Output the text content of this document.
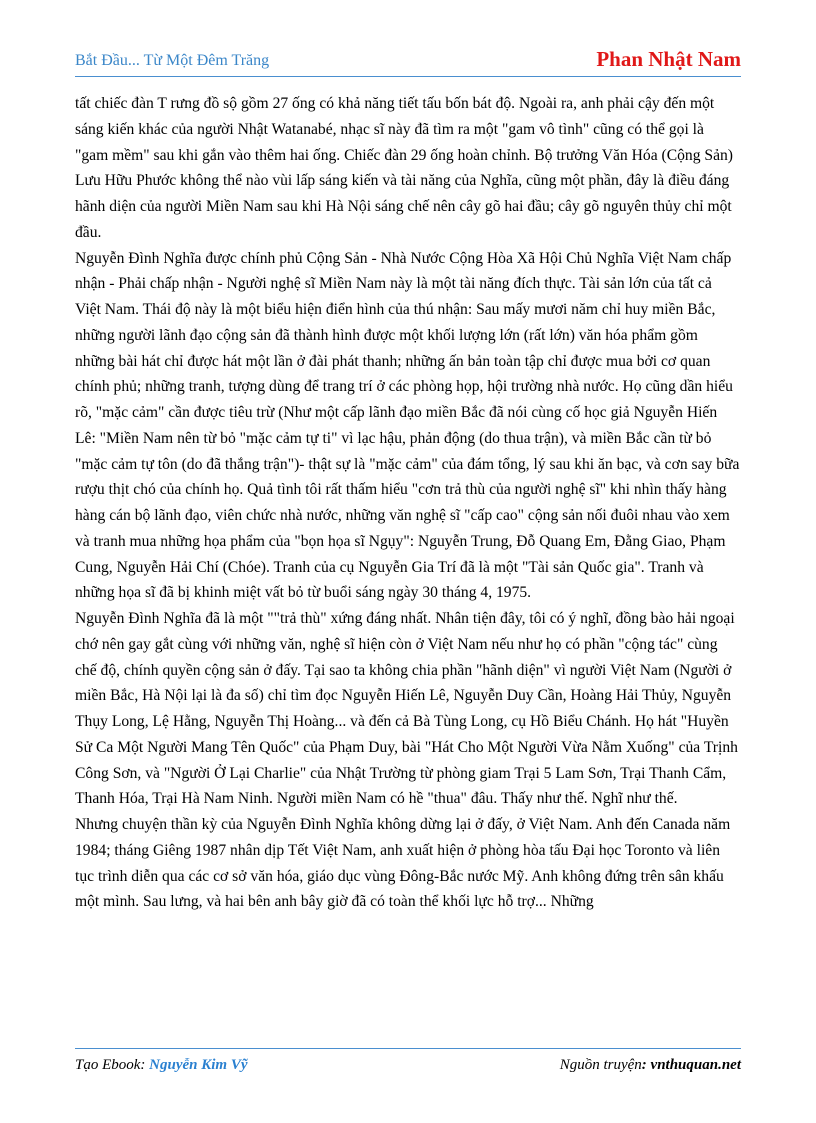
Bắt Đầu... Từ Một Đêm Trăng	Phan Nhật Nam

tất chiếc đàn T rưng đồ sộ gồm 27 ống có khả năng tiết tấu bốn bát độ. Ngoài ra, anh phải cậy đến một sáng kiến khác của người Nhật Watanabé, nhạc sĩ này đã tìm ra một "gam vô tình" cũng có thể gọi là "gam mềm" sau khi gắn vào thêm hai ống. Chiếc đàn 29 ống hoàn chỉnh. Bộ trưởng Văn Hóa (Cộng Sản) Lưu Hữu Phước không thể nào vùi lấp sáng kiến và tài năng của Nghĩa, cũng một phần, đây là điều đáng hãnh diện của người Miền Nam sau khi Hà Nội sáng chế nên cây gõ hai đầu; cây gõ nguyên thủy chỉ một đầu.

Nguyễn Đình Nghĩa được chính phủ Cộng Sản - Nhà Nước Cộng Hòa Xã Hội Chủ Nghĩa Việt Nam chấp nhận - Phải chấp nhận - Người nghệ sĩ Miền Nam này là một tài năng đích thực. Tài sản lớn của tất cả Việt Nam. Thái độ này là một biểu hiện điển hình của thú nhận: Sau mấy mươi năm chỉ huy miền Bắc, những người lãnh đạo cộng sản đã thành hình được một khối lượng lớn (rất lớn) văn hóa phẩm gồm những bài hát chỉ được hát một lần ở đài phát thanh; những ấn bản toàn tập chỉ được mua bởi cơ quan chính phủ; những tranh, tượng dùng để trang trí ở các phòng họp, hội trường nhà nước. Họ cũng dần hiểu rõ, "mặc cảm" cần được tiêu trừ (Như một cấp lãnh đạo miền Bắc đã nói cùng cố học giả Nguyễn Hiến Lê: "Miền Nam nên từ bỏ "mặc cảm tự ti" vì lạc hậu, phản động (do thua trận), và miền Bắc cần từ bỏ "mặc cảm tự tôn (do đã thắng trận")- thật sự là "mặc cảm" của đám tổng, lý sau khi ăn bạc, và cơn say bữa rượu thịt chó của chính họ. Quả tình tôi rất thấm hiểu "cơn trả thù của người nghệ sĩ" khi nhìn thấy hàng hàng cán bộ lãnh đạo, viên chức nhà nước, những văn nghệ sĩ "cấp cao" cộng sản nối đuôi nhau vào xem và tranh mua những họa phẩm của "bọn họa sĩ Ngụy": Nguyễn Trung, Đỗ Quang Em, Đằng Giao, Phạm Cung, Nguyễn Hải Chí (Chóe). Tranh của cụ Nguyễn Gia Trí đã là một "Tài sản Quốc gia". Tranh và những họa sĩ đã bị khinh miệt vất bỏ từ buổi sáng ngày 30 tháng 4, 1975.

Nguyễn Đình Nghĩa đã là một ""trả thù" xứng đáng nhất. Nhân tiện đây, tôi có ý nghĩ, đồng bào hải ngoại chớ nên gay gắt cùng với những văn, nghệ sĩ hiện còn ở Việt Nam nếu như họ có phần "cộng tác" cùng chế độ, chính quyền cộng sản ở đấy. Tại sao ta không chia phần "hãnh diện" vì người Việt Nam (Người ở miền Bắc, Hà Nội lại là đa số) chỉ tìm đọc Nguyễn Hiến Lê, Nguyễn Duy Cần, Hoàng Hải Thủy, Nguyễn Thụy Long, Lệ Hằng, Nguyễn Thị Hoàng... và đến cả Bà Tùng Long, cụ Hồ Biểu Chánh. Họ hát "Huyền Sử Ca Một Người Mang Tên Quốc" của Phạm Duy, bài "Hát Cho Một Người Vừa Nằm Xuống" của Trịnh Công Sơn, và "Người Ở Lại Charlie" của Nhật Trường từ phòng giam Trại 5 Lam Sơn, Trại Thanh Cẩm, Thanh Hóa, Trại Hà Nam Ninh. Người miền Nam có hề "thua" đâu. Thấy như thế. Nghĩ như thế.

Nhưng chuyện thần kỳ của Nguyễn Đình Nghĩa không dừng lại ở đấy, ở Việt Nam. Anh đến Canada năm 1984; tháng Giêng 1987 nhân dịp Tết Việt Nam, anh xuất hiện ở phòng hòa tấu Đại học Toronto và liên tục trình diễn qua các cơ sở văn hóa, giáo dục vùng Đông-Bắc nước Mỹ. Anh không đứng trên sân khấu một mình. Sau lưng, và hai bên anh bây giờ đã có toàn thể khối lực hỗ trợ... Những

Tạo Ebook: Nguyễn Kim Vỹ	Nguồn truyện: vnthuquan.net
